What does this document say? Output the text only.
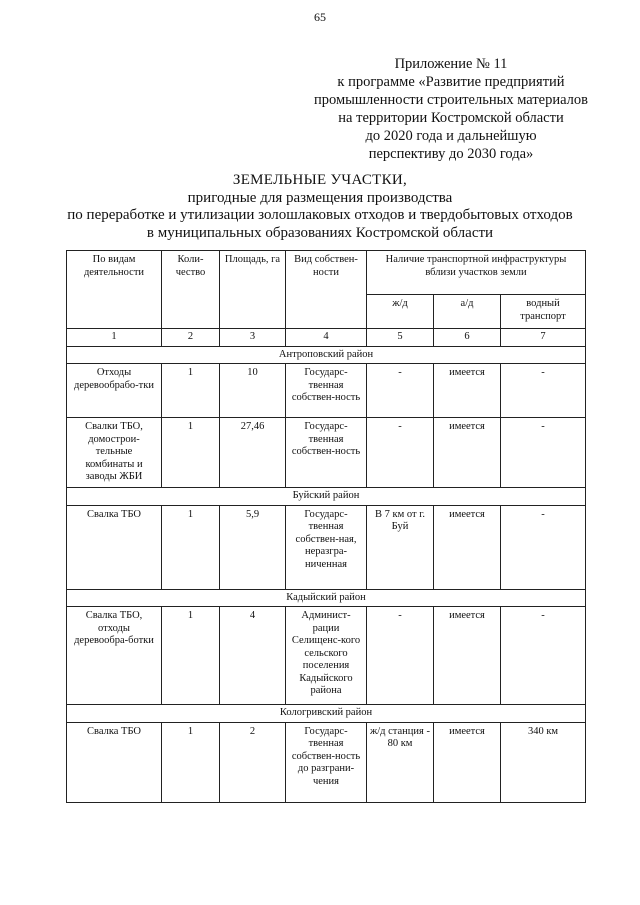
65
Приложение № 11
к программе «Развитие предприятий
промышленности строительных материалов
на территории Костромской области
до 2020 года и дальнейшую
перспективу до 2030 года»
ЗЕМЕЛЬНЫЕ УЧАСТКИ,
пригодные для размещения производства
по переработке и утилизации золошлаковых отходов и твердобытовых отходов
в муниципальных образованиях Костромской области
По видам деятельности	Коли-чество	Площадь, га	Вид собствен-ности	Наличие транспортной инфраструктуры вблизи участков земли		
				ж/д	а/д	водный транспорт
1	2	3	4	5	6	7
Антроповский район						
Отходы деревообрабо-тки	1	10	Государс-твенная собствен-ность	-	имеется	-
Свалки ТБО, домострои-тельные комбинаты и заводы ЖБИ	1	27,46	Государс-твенная собствен-ность	-	имеется	-
Буйский район						
Свалка ТБО	1	5,9	Государс-твенная собствен-ная, неразгра-ниченная	В 7 км от г. Буй	имеется	-
Кадыйский район						
Свалка ТБО, отходы деревообра-ботки	1	4	Админист-рации Селищенс-кого сельского поселения Кадыйского района	-	имеется	-
Кологривский район						
Свалка ТБО	1	2	Государс-твенная собствен-ность до разграни-чения	ж/д станция - 80 км	имеется	340 км
